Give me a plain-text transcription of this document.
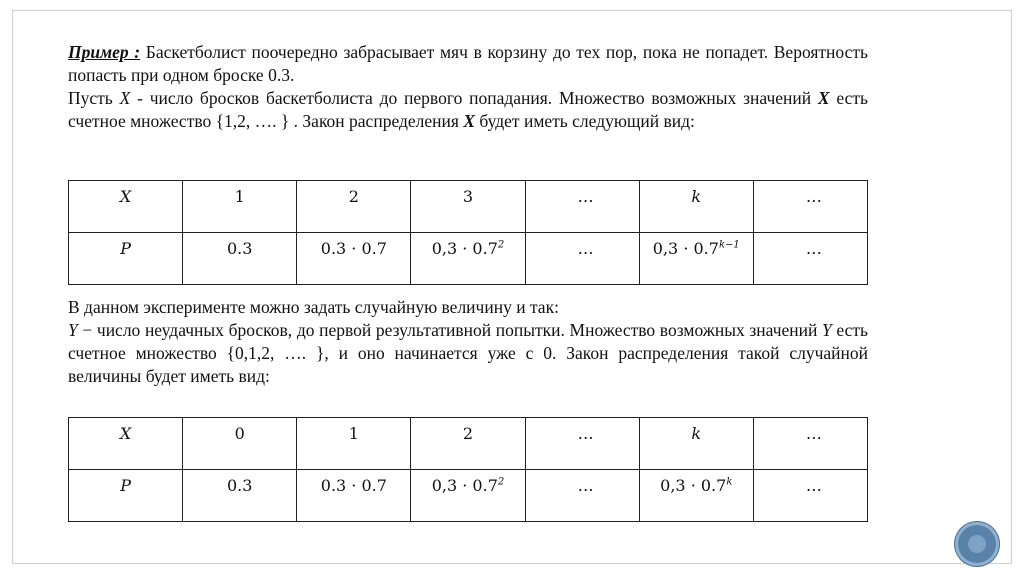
Пример : Баскетболист поочередно забрасывает мяч в корзину до тех пор, пока не попадет. Вероятность попасть при одном броске 0.3.

Пусть X - число бросков баскетболиста до первого попадания. Множество возможных значений X есть счетное множество {1,2, …. } . Закон распределения X будет иметь следующий вид:

X	1	2	3	…	k	…
P	0.3	0.3 · 0.7	$0,3 \cdot 0.7^2$	…	$0,3 \cdot 0.7^{k-1}$	…

В данном эксперименте можно задать случайную величину и так:

Y − число неудачных бросков, до первой результативной попытки. Множество возможных значений Y есть счетное множество {0,1,2, …. }, и оно начинается уже с 0. Закон распределения такой случайной величины будет иметь вид:

X	0	1	2	…	k	…
P	0.3	0.3 · 0.7	$0,3 \cdot 0.7^2$	…	$0,3 \cdot 0.7^k$	…
